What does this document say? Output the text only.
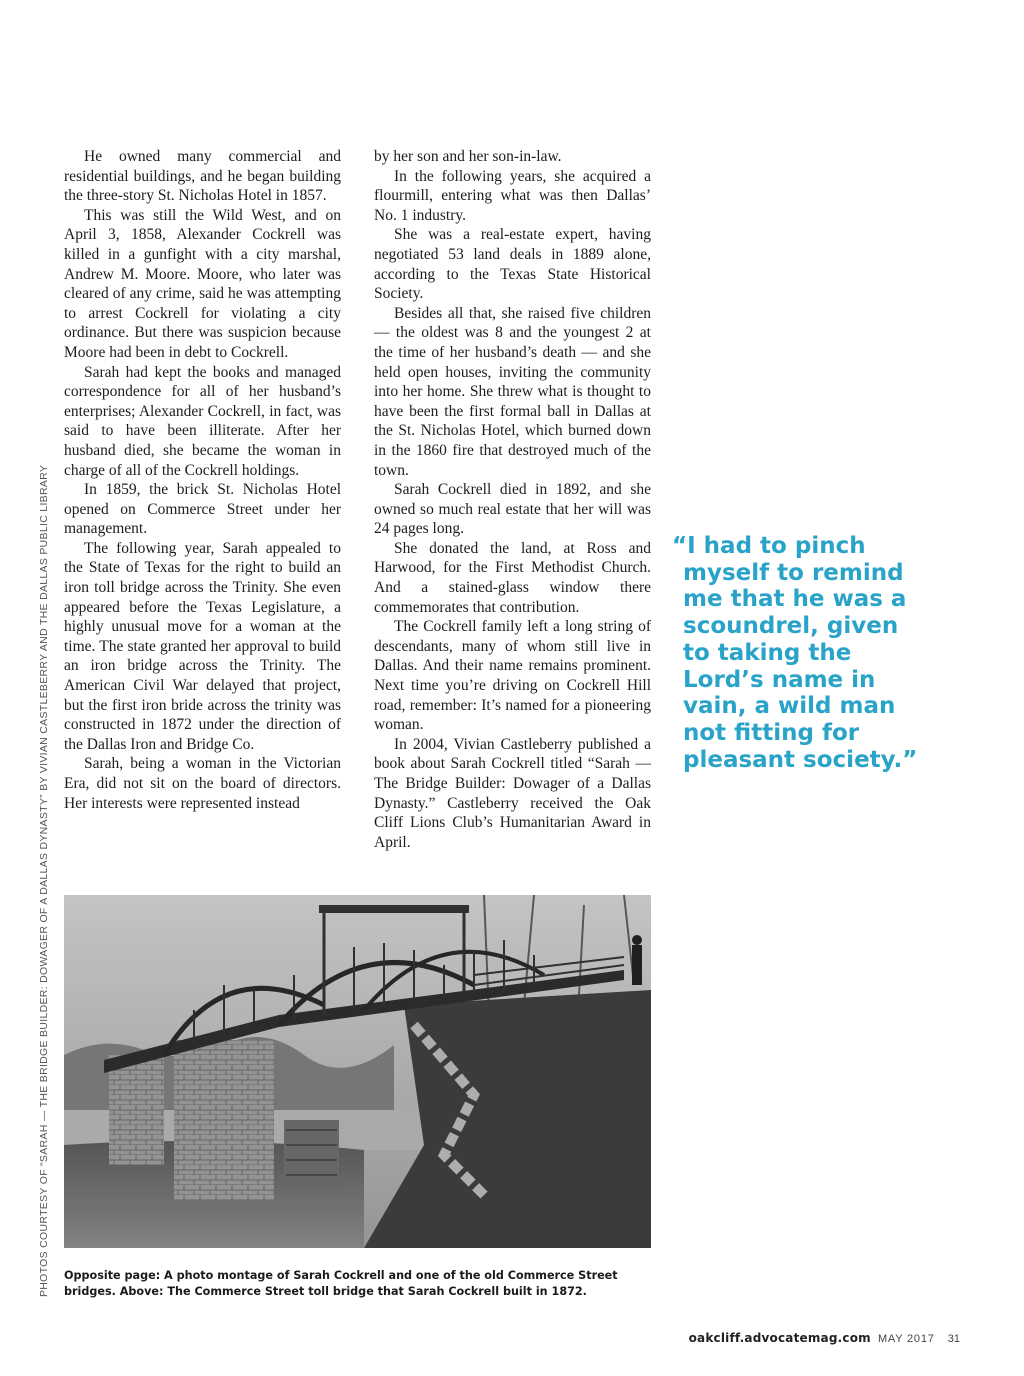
PHOTOS COURTESY OF “SARAH — THE BRIDGE BUILDER: DOWAGER OF A DALLAS DYNASTY” BY VIVIAN CASTLEBERRY AND THE DALLAS PUBLIC LIBRARY

He owned many commercial and residential buildings, and he began building the three-story St. Nicholas Hotel in 1857.

This was still the Wild West, and on April 3, 1858, Alexander Cockrell was killed in a gunfight with a city marshal, Andrew M. Moore. Moore, who later was cleared of any crime, said he was attempting to arrest Cockrell for violating a city ordinance. But there was suspicion because Moore had been in debt to Cockrell.

Sarah had kept the books and managed correspondence for all of her husband’s enterprises; Alexander Cockrell, in fact, was said to have been illiterate. After her husband died, she became the woman in charge of all of the Cockrell holdings.

In 1859, the brick St. Nicholas Hotel opened on Commerce Street under her management.

The following year, Sarah appealed to the State of Texas for the right to build an iron toll bridge across the Trinity. She even appeared before the Texas Legislature, a highly unusual move for a woman at the time. The state granted her approval to build an iron bridge across the Trinity. The American Civil War delayed that project, but the first iron bride across the trinity was constructed in 1872 under the direction of the Dallas Iron and Bridge Co.

Sarah, being a woman in the Victorian Era, did not sit on the board of directors. Her interests were represented instead

by her son and her son-in-law.

In the following years, she acquired a flourmill, entering what was then Dallas’ No. 1 industry.

She was a real-estate expert, having negotiated 53 land deals in 1889 alone, according to the Texas State Historical Society.

Besides all that, she raised five children — the oldest was 8 and the youngest 2 at the time of her husband’s death — and she held open houses, inviting the community into her home. She threw what is thought to have been the first formal ball in Dallas at the St. Nicholas Hotel, which burned down in the 1860 fire that destroyed much of the town.

Sarah Cockrell died in 1892, and she owned so much real estate that her will was 24 pages long.

She donated the land, at Ross and Harwood, for the First Methodist Church. And a stained-glass window there commemorates that contribution.

The Cockrell family left a long string of descendants, many of whom still live in Dallas. And their name remains prominent. Next time you’re driving on Cockrell Hill road, remember: It’s named for a pioneering woman.

In 2004, Vivian Castleberry published a book about Sarah Cockrell titled “Sarah — The Bridge Builder: Dowager of a Dallas Dynasty.” Castleberry received the Oak Cliff Lions Club’s Humanitarian Award in April.

“I had to pinch
myself to remind
me that he was a
scoundrel, given
to taking the
Lord’s name in
vain, a wild man
not fitting for
pleasant society.”

Opposite page: A photo montage of Sarah Cockrell and one of the old Commerce Street bridges. Above: The Commerce Street toll bridge that Sarah Cockrell built in 1872.
oakcliff.advocatemag.com MAY 2017 31
